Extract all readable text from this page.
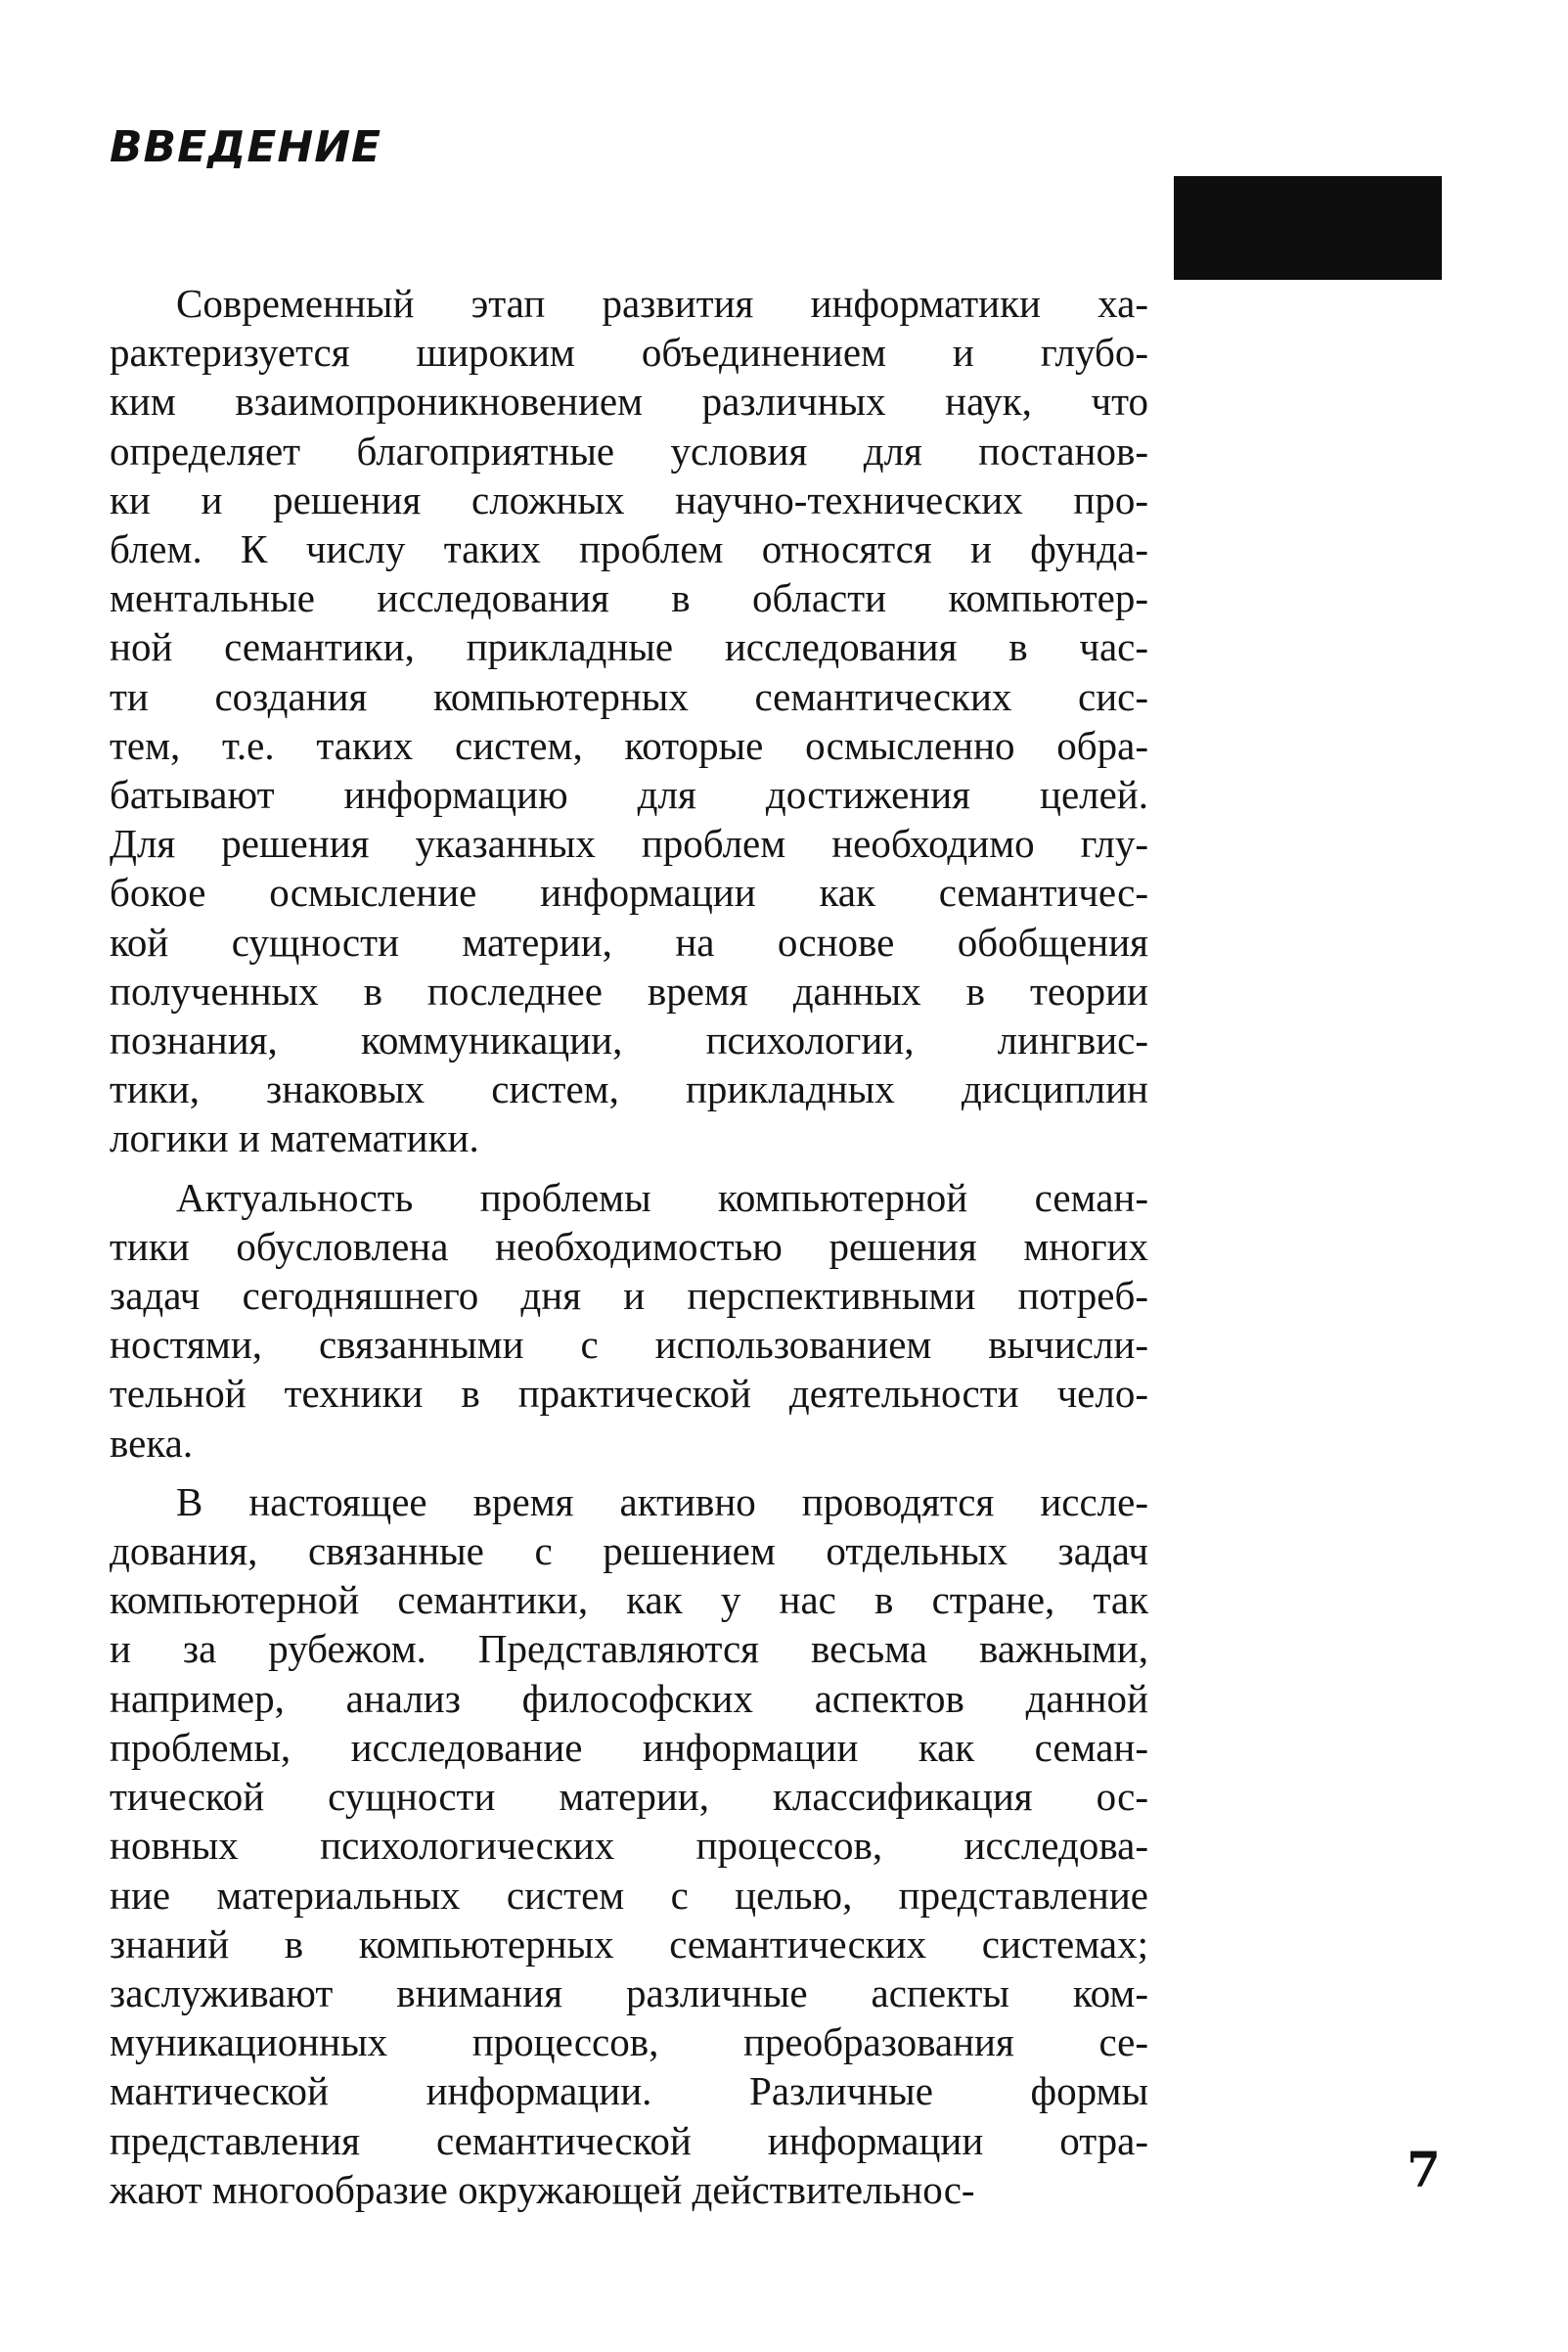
ВВЕДЕНИЕ
Современный этап развития информатики ха-
рактеризуется широким объединением и глубо-
ким взаимопроникновением различных наук, что
определяет благоприятные условия для постанов-
ки и решения сложных научно-технических про-
блем. К числу таких проблем относятся и фунда-
ментальные исследования в области компьютер-
ной семантики, прикладные исследования в час-
ти создания компьютерных семантических сис-
тем, т.е. таких систем, которые осмысленно обра-
батывают информацию для достижения целей.
Для решения указанных проблем необходимо глу-
бокое осмысление информации как семантичес-
кой сущности материи, на основе обобщения
полученных в последнее время данных в теории
познания, коммуникации, психологии, лингвис-
тики, знаковых систем, прикладных дисциплин
логики и математики.
Актуальность проблемы компьютерной семан-
тики обусловлена необходимостью решения многих
задач сегодняшнего дня и перспективными потреб-
ностями, связанными с использованием вычисли-
тельной техники в практической деятельности чело-
века.
В настоящее время активно проводятся иссле-
дования, связанные с решением отдельных задач
компьютерной семантики, как у нас в стране, так
и за рубежом. Представляются весьма важными,
например, анализ философских аспектов данной
проблемы, исследование информации как семан-
тической сущности материи, классификация ос-
новных психологических процессов, исследова-
ние материальных систем с целью, представление
знаний в компьютерных семантических системах;
заслуживают внимания различные аспекты ком-
муникационных процессов, преобразования се-
мантической информации. Различные формы
представления семантической информации отра-
жают многообразие окружающей действительнос-	7
